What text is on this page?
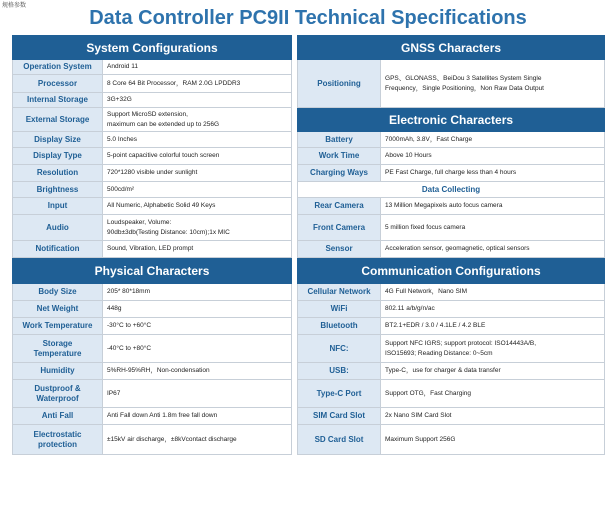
规格参数
Data Controller PC9II Technical Specifications
System Configurations			GNSS Characters	
Operation System	Android 11		Positioning	GPS、GLONASS、BeiDou 3 Satellites System Single
Frequency，Single Positioning，Non Raw Data Output
Processor	8 Core 64 Bit Processor，RAM 2.0G LPDDR3			
Internal Storage	3G+32G			
External Storage	Support MicroSD extension,
maximum can be extended up to 256G		Electronic Characters	
Display Size	5.0 Inches		Battery	7000mAh, 3.8V，Fast Charge
Display Type	5-point capacitive colorful touch screen		Work Time	Above 10 Hours
Resolution	720*1280 visible under sunlight		Charging Ways	PE Fast Charge, full charge less than 4 hours
Brightness	500cd/m²		Data Collecting	
Input	All Numeric, Alphabetic Solid 49 Keys		Rear Camera	13 Million Megapixels auto focus camera
Audio	Loudspeaker, Volume:
90db±3db(Testing Distance: 10cm);1x MIC		Front Camera	5 million fixed focus camera
Notification	Sound, Vibration, LED prompt		Sensor	Acceleration sensor, geomagnetic, optical sensors
Physical Characters			Communication Configurations	
Body Size	205* 80*18mm		Cellular Network	4G Full Network，Nano SIM
Net Weight	448g		WiFi	802.11 a/b/g/n/ac
Work Temperature	-30°C to +60°C		Bluetooth	BT2.1+EDR / 3.0 / 4.1LE / 4.2 BLE
Storage
Temperature	-40°C to +80°C		NFC:	Support NFC IGRS; support protocol: ISO14443A/B,
ISO15693; Reading Distance: 0~5cm
Humidity	5%RH-95%RH，Non-condensation		USB:	Type-C，use for charger & data transfer
Dustproof &
Waterproof	IP67		Type-C Port	Support OTG，Fast Charging
Anti Fall	Anti Fall down Anti 1.8m free fall down		SIM Card Slot	2x Nano SIM Card Slot
Electrostatic
protection	±15kV air discharge，±8kVcontact discharge		SD Card Slot	Maximum Support 256G
